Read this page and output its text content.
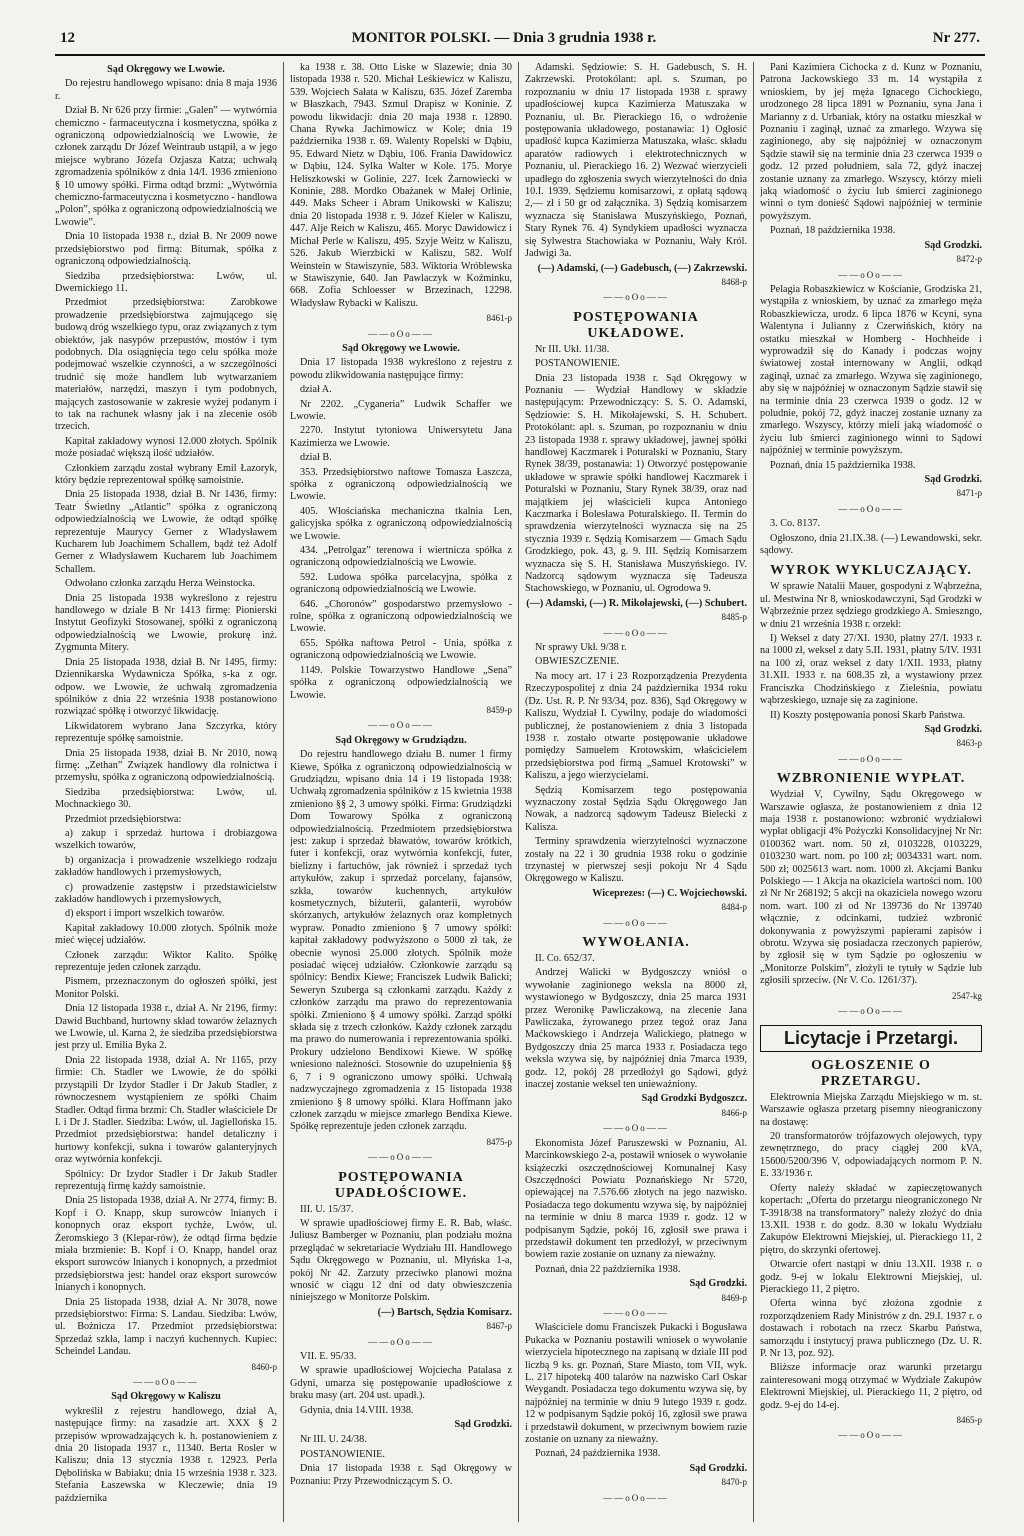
12	MONITOR POLSKI. — Dnia 3 grudnia 1938 r.	Nr 277.
Sąd Okręgowy we Lwowie.

Do rejestru handlowego wpisano: dnia 8 maja 1936 r.

Dział B. Nr 626 przy firmie: „Galen” — wytwórnia chemiczno - farmaceutyczna i kosmetyczna, spółka z ograniczoną odpowiedzialnością we Lwowie, że członek zarządu Dr Józef Weintraub ustąpił, a w jego miejsce wybrano Józefa Ozjasza Katza; uchwałą zgromadzenia spólników z dnia 14/I. 1936 zmieniono § 10 umowy spółki. Firma odtąd brzmi: „Wytwórnia chemiczno-farmaceutyczna i kosmetyczno - handlowa „Polon”, spółka z ograniczoną odpowiedzialnością we Lwowie”.

Dnia 10 listopada 1938 r., dział B. Nr 2009 nowe przedsiębiorstwo pod firmą: Bitumak, spółka z ograniczoną odpowiedzialnością.

Siedziba przedsiębiorstwa: Lwów, ul. Dwernickiego 11.

Przedmiot przedsiębiorstwa: Zarobkowe prowadzenie przedsiębiorstwa zajmującego się budową dróg wszelkiego typu, oraz związanych z tym obiektów, jak nasypów przepustów, mostów i tym podobnych. Dla osiągnięcia tego celu spółka może podejmować wszelkie czynności, a w szczególności trudnić się może handlem lub wytwarzaniem materiałów, narzędzi, maszyn i tym podobnych, mających zastosowanie w zakresie wyżej podanym i to tak na rachunek własny jak i na zlecenie osób trzecich.

Kapitał zakładowy wynosi 12.000 złotych. Spólnik może posiadać większą ilość udziałów.

Członkiem zarządu został wybrany Emil Łazoryk, który będzie reprezentował spółkę samoistnie.

Dnia 25 listopada 1938, dział B. Nr 1436, firmy: Teatr Świetlny „Atlantic” spółka z ograniczoną odpowiedzialnością we Lwowie, że odtąd spółkę reprezentuje Maurycy Gerner z Władysławem Kucharem lub Joachimem Schallem, bądź też Adolf Gerner z Władysławem Kucharem lub Joachimem Schallem.

Odwołano członka zarządu Herza Weinstocka.

Dnia 25 listopada 1938 wykreślono z rejestru handlowego w dziale B Nr 1413 firmę: Pionierski Instytut Geofizyki Stosowanej, spółki z ograniczoną odpowiedzialnością we Lwowie, prokurę inż. Zygmunta Mitery.

Dnia 25 listopada 1938, dział B. Nr 1495, firmy: Dziennikarska Wydawnicza Spółka, s-ka z ogr. odpow. we Lwowie, że uchwałą zgromadzenia spólników z dnia 22 września 1938 postanowiono rozwiązać spółkę i otworzyć likwidację.

Likwidatorem wybrano Jana Szczyrka, który reprezentuje spółkę samoistnie.

Dnia 25 listopada 1938, dział B. Nr 2010, nową firmę: „Zethan” Związek handlowy dla rolnictwa i przemysłu, spółka z ograniczoną odpowiedzialnością.

Siedziba przedsiębiorstwa: Lwów, ul. Mochnackiego 30.

Przedmiot przedsiębiorstwa:

a) zakup i sprzedaż hurtowa i drobiazgowa wszelkich towarów,

b) organizacja i prowadzenie wszelkiego rodzaju zakładów handlowych i przemysłowych,

c) prowadzenie zastępstw i przedstawicielstw zakładów handlowych i przemysłowych,

d) eksport i import wszelkich towarów.

Kapitał zakładowy 10.000 złotych. Spólnik może mieć więcej udziałów.

Członek zarządu: Wiktor Kalito. Spółkę reprezentuje jeden członek zarządu.

Pismem, przeznaczonym do ogłoszeń spółki, jest Monitor Polski.

Dnia 12 listopada 1938 r., dział A. Nr 2196, firmy: Dawid Buchband, hurtowny skład towarów żelaznych we Lwowie, ul. Karna 2, że siedziba przedsiębiorstwa jest przy ul. Emilia Byka 2.

Dnia 22 listopada 1938, dział A. Nr 1165, przy firmie: Ch. Stadler we Lwowie, że do spółki przystąpili Dr Izydor Stadler i Dr Jakub Stadler, z równoczesnem wystąpieniem ze spółki Chaim Stadler. Odtąd firma brzmi: Ch. Stadler właściciele Dr I. i Dr J. Stadler. Siedziba: Lwów, ul. Jagiellońska 15. Przedmiot przedsiębiorstwa: handel detaliczny i hurtowy konfekcji, sukna i towarów galanteryjnych oraz wytwórnia konfekcji.

Spólnicy: Dr Izydor Stadler i Dr Jakub Stadler reprezentują firmę każdy samoistnie.

Dnia 25 listopada 1938, dział A. Nr 2774, firmy: B. Kopf i O. Knapp, skup surowców lnianych i konopnych oraz eksport tychże, Lwów, ul. Żeromskiego 3 (Klepar-rów), że odtąd firma będzie miała brzmienie: B. Kopf i O. Knapp, handel oraz eksport surowców lnianych i konopnych, a przedmiot przedsiębiorstwa jest: handel oraz eksport surowców lnianych i konopnych.

Dnia 25 listopada 1938, dział A. Nr 3078, nowe przedsiębiorstwo: Firma: S. Landau. Siedziba: Lwów, ul. Bożnicza 17. Przedmiot przedsiębiorstwa: Sprzedaż szkła, lamp i naczyń kuchennych. Kupiec: Scheindel Landau.

8460-p
——oOo——
Sąd Okręgowy w Kaliszu

wykreślił z rejestru handlowego, dział A, następujące firmy: na zasadzie art. XXX § 2 przepisów wprowadzających k. h. postanowieniem z dnia 20 listopada 1937 r., 11340. Berta Rosler w Kaliszu; dnia 13 stycznia 1938 r. 12923. Perla Dębolińska w Babiaku; dnia 15 września 1938 r. 323. Stefania Łaszewska w Kleczewie; dnia 19 października

ka 1938 r. 38. Otto Liske w Slazewie; dnia 30 listopada 1938 r. 520. Michał Leśkiewicz w Kaliszu, 539. Wojciech Sałata w Kaliszu, 635. Józef Zaremba w Błaszkach, 7943. Szmul Drapisz w Koninie. Z powodu likwidacji: dnia 20 maja 1938 r. 12890. Chana Rywka Jachimowicz w Kole; dnia 19 października 1938 r. 69. Walenty Ropelski w Dąbiu, 95. Edward Nietz w Dąbiu, 106. Frania Dawidowicz w Dąbiu, 124. Sylka Walter w Kole. 175. Morye Heliszkowski w Golinie, 227. Icek Żarnowiecki w Koninie, 288. Mordko Obażanek w Małej Orlinie, 449. Maks Scheer i Abram Unikowski w Kaliszu; dnia 20 listopada 1938 r. 9. Józef Kieler w Kaliszu, 447. Alje Reich w Kaliszu, 465. Moryc Dawidowicz i Michał Perle w Kaliszu, 495. Szyje Weitz w Kaliszu, 526. Jakub Wierzbicki w Kaliszu, 582. Wolf Weinstein w Stawiszynie, 583. Wiktoria Wróblewska w Stawiszynie, 640. Jan Pawlaczyk w Koźminku, 668. Zofia Schloesser w Brzezinach, 12298. Władysław Rybacki w Kaliszu.

8461-p
——oOo——
Sąd Okręgowy we Lwowie.

Dnia 17 listopada 1938 wykreślono z rejestru z powodu zlikwidowania następujące firmy:

dział A.

Nr 2202. „Cyganeria” Ludwik Schaffer we Lwowie.

2270. Instytut tytoniowa Uniwersytetu Jana Kazimierza we Lwowie.

dział B.

353. Przedsiębiorstwo naftowe Tomasza Łaszcza, spółka z ograniczoną odpowiedzialnością we Lwowie.

405. Włościańska mechaniczna tkalnia Len, galicyjska spółka z ograniczoną odpowiedzialnością we Lwowie.

434. „Petrolgaz” terenowa i wiertnicza spółka z ograniczoną odpowiedzialnością we Lwowie.

592. Ludowa spółka parcelacyjna, spółka z ograniczoną odpowiedzialnością we Lwowie.

646. „Choronów” gospodarstwo przemysłowo - rolne, spółka z ograniczoną odpowiedzialnością we Lwowie.

655. Spółka naftowa Petrol - Unia, spółka z ograniczoną odpowiedzialnością we Lwowie.

1149. Polskie Towarzystwo Handlowe „Sena” spółka z ograniczoną odpowiedzialnością we Lwowie.

8459-p
——oOo——
Sąd Okręgowy w Grudziądzu.

Do rejestru handlowego działu B. numer 1 firmy Kiewe, Spółka z ograniczoną odpowiedzialnością w Grudziądzu, wpisano dnia 14 i 19 listopada 1938: Uchwałą zgromadzenia spólników z 15 kwietnia 1938 zmieniono §§ 2, 3 umowy spółki. Firma: Grudziądzki Dom Towarowy Spółka z ograniczoną odpowiedzialnością. Przedmiotem przedsiębiorstwa jest: zakup i sprzedaż bławatów, towarów krótkich, futer i konfekcji, oraz wytwórnia konfekcji, futer, bielizny i fartuchów, jak również i sprzedaż tych artykułów, zakup i sprzedaż porcelany, fajansów, szkła, towarów kuchennych, artykułów kosmetycznych, biżuterii, galanterii, wyrobów skórzanych, artykułów żelaznych oraz kompletnych wypraw. Ponadto zmieniono § 7 umowy spółki: kapitał zakładowy podwyższono o 5000 zł tak, że obecnie wynosi 25.000 złotych. Spólnik może posiadać więcej udziałów. Członkowie zarządu są spólnicy: Bendix Kiewe; Franciszek Ludwik Balicki; Seweryn Szuberga są członkami zarządu. Każdy z członków zarządu ma prawo do reprezentowania spółki. Zmieniono § 4 umowy spółki. Zarząd spółki składa się z trzech członków. Każdy członek zarządu ma prawo do numerowania i reprezentowania spółki. Prokury udzielono Bendixowi Kiewe. W spółkę wniesiono należności. Stosownie do uzupełnienia §§ 6, 7 i 9 ograniczono umowy spółki. Uchwałą nadzwyczajnego zgromadzenia z 15 listopada 1938 zmieniono § 8 umowy spółki. Klara Hoffmann jako członek zarządu w miejsce zmarłego Bendixa Kiewe. Spółkę reprezentuje jeden członek zarządu.

8475-p
——oOo——
POSTĘPOWANIA UPADŁOŚCIOWE.

III. U. 15/37.

W sprawie upadłościowej firmy E. R. Bab, właśc. Juliusz Bamberger w Poznaniu, plan podziału można przeglądać w sekretariacie Wydziału III. Handlowego Sądu Okręgowego w Poznaniu, ul. Młyńska 1-a, pokój Nr 42. Zarzuty przeciwko planowi można wnosić w ciągu 12 dni od daty obwieszczenia niniejszego w Monitorze Polskim.

(—) Bartsch, Sędzia Komisarz.
8467-p
——oOo——

VII. E. 95/33.

W sprawie upadłościowej Wojciecha Patalasa z Gdyni, umarza się postępowanie upadłościowe z braku masy (art. 204 ust. upadł.).

Gdynia, dnia 14.VIII. 1938.

Sąd Grodzki.

Nr III. U. 24/38.

POSTANOWIENIE.

Dnia 17 listopada 1938 r. Sąd Okręgowy w Poznaniu: Przy Przewodniczącym S. O.

Adamski. Sędziowie: S. H. Gadebusch, S. H. Zakrzewski. Protokólant: apl. s. Szuman, po rozpoznaniu w dniu 17 listopada 1938 r. sprawy upadłościowej kupca Kazimierza Matuszaka w Poznaniu, ul. Br. Pierackiego 16, o wdrożenie postępowania układowego, postanawia: 1) Ogłosić upadłość kupca Kazimierza Matuszaka, właśc. składu aparatów radiowych i elektrotechnicznych w Poznaniu, ul. Pierackiego 16. 2) Wezwać wierzycieli upadłego do zgłoszenia swych wierzytelności do dnia 10.I. 1939. Sędziemu komisarzowi, z opłatą sądową 2,— zł i 50 gr od załącznika. 3) Sędzią komisarzem wyznacza się Stanisława Muszyńskiego, Poznań, Stary Rynek 76. 4) Syndykiem upadłości wyznacza się Sylwestra Stachowiaka w Poznaniu, Wały Król. Jadwigi 3a.

(—) Adamski, (—) Gadebusch, (—) Zakrzewski.
8468-p
——oOo——
POSTĘPOWANIA UKŁADOWE.

Nr III. Ukł. 11/38.

POSTANOWIENIE.

Dnia 23 listopada 1938 r. Sąd Okręgowy w Poznaniu — Wydział Handlowy w składzie następującym: Przewodniczący: S. S. O. Adamski, Sędziowie: S. H. Mikołajewski, S. H. Schubert. Protokólant: apl. s. Szuman, po rozpoznaniu w dniu 23 listopada 1938 r. sprawy układowej, jawnej spółki handlowej Kaczmarek i Poturalski w Poznaniu, Stary Rynek 38/39, postanawia: 1) Otworzyć postępowanie układowe w sprawie spółki handlowej Kaczmarek i Poturalski w Poznaniu, Stary Rynek 38/39, oraz nad majątkiem jej właścicieli kupca Antoniego Kaczmarka i Bolesława Poturalskiego. II. Termin do sprawdzenia wierzytelności wyznacza się na 25 stycznia 1939 r. Sędzią Komisarzem — Gmach Sądu Grodzkiego, pok. 43, g. 9. III. Sędzią Komisarzem wyznacza się S. H. Stanisława Muszyńskiego. IV. Nadzorcą sądowym wyznacza się Tadeusza Stachowskiego, w Poznaniu, ul. Ogrodowa 9.

(—) Adamski, (—) R. Mikołajewski, (—) Schubert.
8485-p
——oOo——

Nr sprawy Ukł. 9/38 r.

OBWIESZCZENIE.

Na mocy art. 17 i 23 Rozporządzenia Prezydenta Rzeczypospolitej z dnia 24 października 1934 roku (Dz. Ust. R. P. Nr 93/34, poz. 836), Sąd Okręgowy w Kaliszu, Wydział I. Cywilny, podaje do wiadomości publicznej, że postanowieniem z dnia 3 listopada 1938 r. zostało otwarte postępowanie układowe pomiędzy Samuelem Krotowskim, właścicielem przedsiębiorstwa pod firmą „Samuel Krotowski” w Kaliszu, a jego wierzycielami.

Sędzią Komisarzem tego postępowania wyznaczony został Sędzia Sądu Okręgowego Jan Nowak, a nadzorcą sądowym Tadeusz Bielecki z Kalisza.

Terminy sprawdzenia wierzytelności wyznaczone zostały na 22 i 30 grudnia 1938 roku o godzinie trzynastej w pierwszej sesji pokoju Nr 4 Sądu Okręgowego w Kaliszu.

Wiceprezes: (—) C. Wojciechowski.
8484-p
——oOo——
WYWOŁANIA.

II. Co. 652/37.

Andrzej Walicki w Bydgoszczy wniósł o wywołanie zaginionego weksla na 8000 zł, wystawionego w Bydgoszczy, dnia 25 marca 1931 przez Weronikę Pawliczakową, na zlecenie Jana Pawliczaka, żyrowanego przez tegoż oraz Jana Maćkowskiego i Andrzeja Walickiego, płatnego w Bydgoszczy dnia 25 marca 1933 r. Posiadacza tego weksla wzywa się, by najpóźniej dnia 7marca 1939, godz. 12, pokój 28 przedłożył go Sądowi, gdyż inaczej zostanie weksel ten unieważniony.

Sąd Grodzki Bydgoszcz.
8466-p
——oOo——

Ekonomista Józef Paruszewski w Poznaniu, Al. Marcinkowskiego 2-a, postawił wniosek o wywołanie książeczki oszczędnościowej Komunalnej Kasy Oszczędności Powiatu Poznańskiego Nr 5720, opiewającej na 7.576.66 złotych na jego nazwisko. Posiadacza tego dokumentu wzywa się, by najpóźniej na terminie w dniu 8 marca 1939 r. godz. 12 w podpisanym Sądzie, pokój 16, zgłosił swe prawa i przedstawił dokument ten przedłożył, w przeciwnym bowiem razie zostanie on uznany za nieważny.

Poznań, dnia 22 października 1938.

Sąd Grodzki.
8469-p
——oOo——

Właściciele domu Franciszek Pukacki i Bogusława Pukacka w Poznaniu postawili wniosek o wywołanie wierzyciela hipotecznego na zapisaną w dziale III pod liczbą 9 ks. gr. Poznań, Stare Miasto, tom VII, wyk. L. 217 hipoteką 400 talarów na nazwisko Carl Oskar Weygandt. Posiadacza tego dokumentu wzywa się, by najpóźniej na terminie w dniu 9 lutego 1939 r. godz. 12 w podpisanym Sądzie pokój 16, zgłosił swe prawa i przedstawił dokument, w przeciwnym bowiem razie zostanie on uznany za nieważny.

Poznań, 24 października 1938.

Sąd Grodzki.
8470-p
——oOo——

Pani Kazimiera Cichocka z d. Kunz w Poznaniu, Patrona Jackowskiego 33 m. 14 wystąpiła z wnioskiem, by jej męża Ignacego Cichockiego, urodzonego 28 lipca 1891 w Poznaniu, syna Jana i Marianny z d. Urbaniak, który na ostatku mieszkał w Poznaniu i zaginął, uznać za zmarłego. Wzywa się zaginionego, aby się najpóźniej w oznaczonym Sądzie stawił się na terminie dnia 23 czerwca 1939 o godz. 12 przed południem, sala 72, gdyż inaczej zostanie uznany za zmarłego. Wszyscy, którzy mieli jaką wiadomość o życiu lub śmierci zaginionego winni o tym donieść Sądowi najpóźniej w terminie powyższym.

Poznań, 18 października 1938.

Sąd Grodzki.
8472-p
——oOo——

Pelagia Robaszkiewicz w Kościanie, Grodziska 21, wystąpiła z wnioskiem, by uznać za zmarłego męża Robaszkiewicza, urodz. 6 lipca 1876 w Kcyni, syna Walentyna i Julianny z Czerwińskich, który na ostatku mieszkał w Homberg - Hochheide i wyprowadził się do Kanady i podczas wojny światowej został internowany w Anglii, odkąd zaginął, uznać za zmarłego. Wzywa się zaginionego, aby się w najpóźniej w oznaczonym Sądzie stawił się na terminie dnia 23 czerwca 1939 o godz. 12 w poludnie, pokój 72, gdyż inaczej zostanie uznany za zmarłego. Wszyscy, którzy mieli jaką wiadomość o życiu lub śmierci zaginionego winni to Sądowi najpóźniej w terminie powyższym.

Poznań, dnia 15 października 1938.

Sąd Grodzki.
8471-p
——oOo——

3. Co. 8137.

Ogłoszono, dnia 21.IX.38. (—) Lewandowski, sekr. sądowy.

WYROK WYKLUCZAJĄCY.

W sprawie Natalii Mauer, gospodyni z Wąbrzeźna, ul. Mestwina Nr 8, wnioskodawczyni, Sąd Grodzki w Wąbrzeźnie przez sędziego grodzkiego A. Smieszngo, w dniu 21 września 1938 r. orzekł:

I) Weksel z daty 27/XI. 1930, płatny 27/I. 1933 r. na 1000 zł, weksel z daty 5.II. 1931, płatny 5/IV. 1931 na 100 zł, oraz weksel z daty 1/XII. 1933, płatny 31.XII. 1933 r. na 608.35 zł, a wystawiony przez Franciszka Chodzińskiego z Zieleśnia, powiatu wąbrzeskiego, uznaje się za zaginione.

II) Koszty postępowania ponosi Skarb Państwa.

Sąd Grodzki.
8463-p
——oOo——
WZBRONIENIE WYPŁAT.

Wydział V, Cywilny, Sądu Okręgowego w Warszawie ogłasza, że postanowieniem z dnia 12 maja 1938 r. postanowiono: wzbronić wydziałowi wypłat obligacji 4% Pożyczki Konsolidacyjnej Nr Nr: 0100362 wart. nom. 50 zł, 0103228, 0103229, 0103230 wart. nom. po 100 zł; 0034331 wart. nom. 500 zł; 0025613 wart. nom. 1000 zł. Akcjami Banku Polskiego — 1 Akcja na okaziciela wartości nom. 100 zł Nr Nr 268192; 5 akcji na okaziciela nowego wzoru nom. wart. 100 zł od Nr 139736 do Nr 139740 włącznie, z odcinkami, tudzież wzbronić dokonywania z powyższymi papierami zapisów i obrotu. Wzywa się posiadacza rzeczonych papierów, by zgłosił się w tym Sądzie po ogłoszeniu w „Monitorze Polskim”, złożyli te tytuły w Sądzie lub zgłosili sprzeciw. (Nr V. Co. 1261/37).

2547-kg
——oOo——
Licytacje i Przetargi.
OGŁOSZENIE O PRZETARGU.

Elektrownia Miejska Zarządu Miejskiego w m. st. Warszawie ogłasza przetarg pisemny nieograniczony na dostawę:

20 transformatorów trójfazowych olejowych, typy zewnętrznego, do pracy ciągłej 200 kVA, 15600/5200/396 V, odpowiadających normom P. N. E. 33/1936 r.

Oferty należy składać w zapieczętowanych kopertach: „Oferta do przetargu nieograniczonego Nr T-3918/38 na transformatory” należy złożyć do dnia 13.XII. 1938 r. do godz. 8.30 w lokalu Wydziału Zakupów Elektrowni Miejskiej, ul. Pierackiego 11, 2 piętro, do skrzynki ofertowej.

Otwarcie ofert nastąpi w dniu 13.XII. 1938 r. o godz. 9-ej w lokalu Elektrowni Miejskiej, ul. Pierackiego 11, 2 piętro.

Oferta winna być złożona zgodnie z rozporządzeniem Rady Ministrów z dn. 29.I. 1937 r. o dostawach i robotach na rzecz Skarbu Państwa, samorządu i instytucyj prawa publicznego (Dz. U. R. P. Nr 13, poz. 92).

Bliższe informacje oraz warunki przetargu zainteresowani mogą otrzymać w Wydziale Zakupów Elektrowni Miejskiej, ul. Pierackiego 11, 2 piętro, od godz. 9-ej do 14-ej.

8465-p
——oOo——
